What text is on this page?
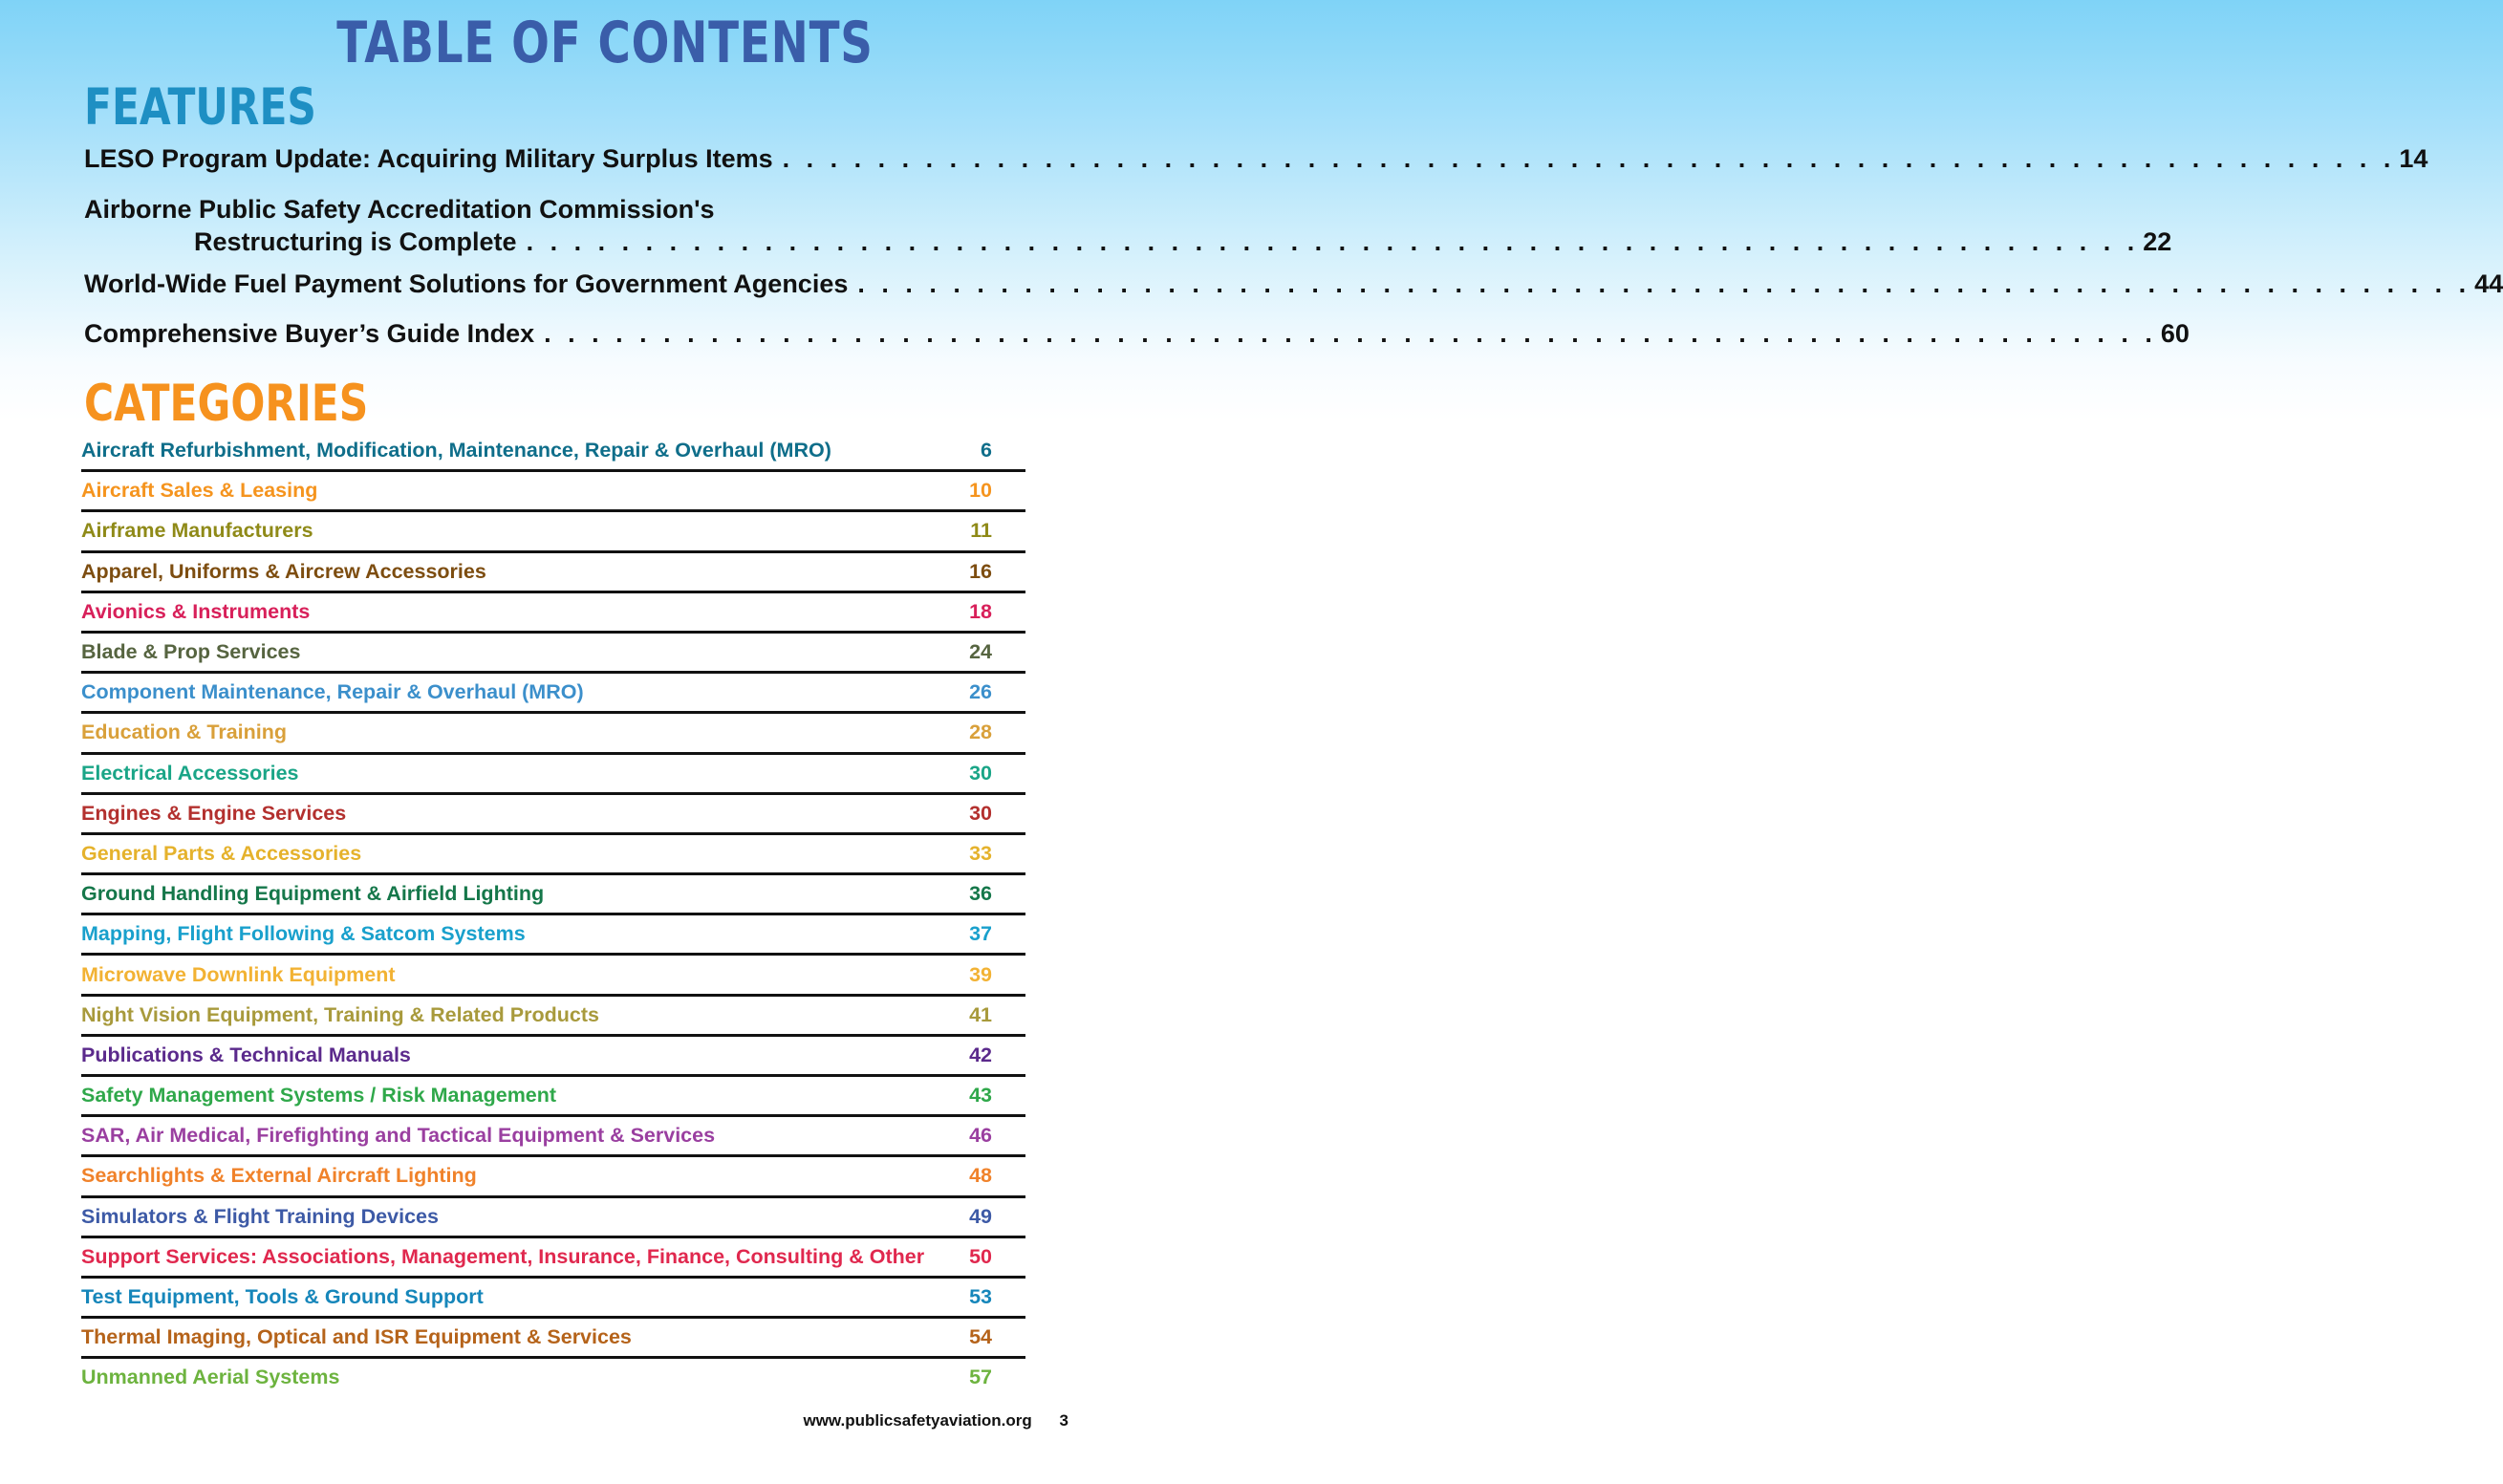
TABLE OF CONTENTS
FEATURES
LESO Program Update: Acquiring Military Surplus Items . . . . . . . . . . . . . . . . . . . . . . . . . . . . . . . . . . . . . . . . . . . . . . . . . . . . . . . . . . . . . . . . . . . . 14
Airborne Public Safety Accreditation Commission's
Restructuring is Complete . . . . . . . . . . . . . . . . . . . . . . . . . . . . . . . . . . . . . . . . . . . . . . . . . . . . . . . . . . . . . . . . . . . . 22
World-Wide Fuel Payment Solutions for Government Agencies . . . . . . . . . . . . . . . . . . . . . . . . . . . . . . . . . . . . . . . . . . . . . . . . . . . . . . . . . . . . . . . . . . . . 44
Comprehensive Buyer’s Guide Index . . . . . . . . . . . . . . . . . . . . . . . . . . . . . . . . . . . . . . . . . . . . . . . . . . . . . . . . . . . . . . . . . . . . 60
CATEGORIES
Aircraft Refurbishment, Modification, Maintenance, Repair & Overhaul (MRO)	6
Aircraft Sales & Leasing	10
Airframe Manufacturers	11
Apparel, Uniforms & Aircrew Accessories	16
Avionics & Instruments	18
Blade & Prop Services	24
Component Maintenance, Repair & Overhaul (MRO)	26
Education & Training	28
Electrical Accessories	30
Engines & Engine Services	30
General Parts & Accessories	33
Ground Handling Equipment & Airfield Lighting	36
Mapping, Flight Following & Satcom Systems	37
Microwave Downlink Equipment	39
Night Vision Equipment, Training & Related Products	41
Publications & Technical Manuals	42
Safety Management Systems / Risk Management	43
SAR, Air Medical, Firefighting and Tactical Equipment & Services	46
Searchlights & External Aircraft Lighting	48
Simulators & Flight Training Devices	49
Support Services: Associations, Management, Insurance, Finance, Consulting & Other	50
Test Equipment, Tools & Ground Support	53
Thermal Imaging, Optical and ISR Equipment & Services	54
Unmanned Aerial Systems	57
www.publicsafetyaviation.org 3
